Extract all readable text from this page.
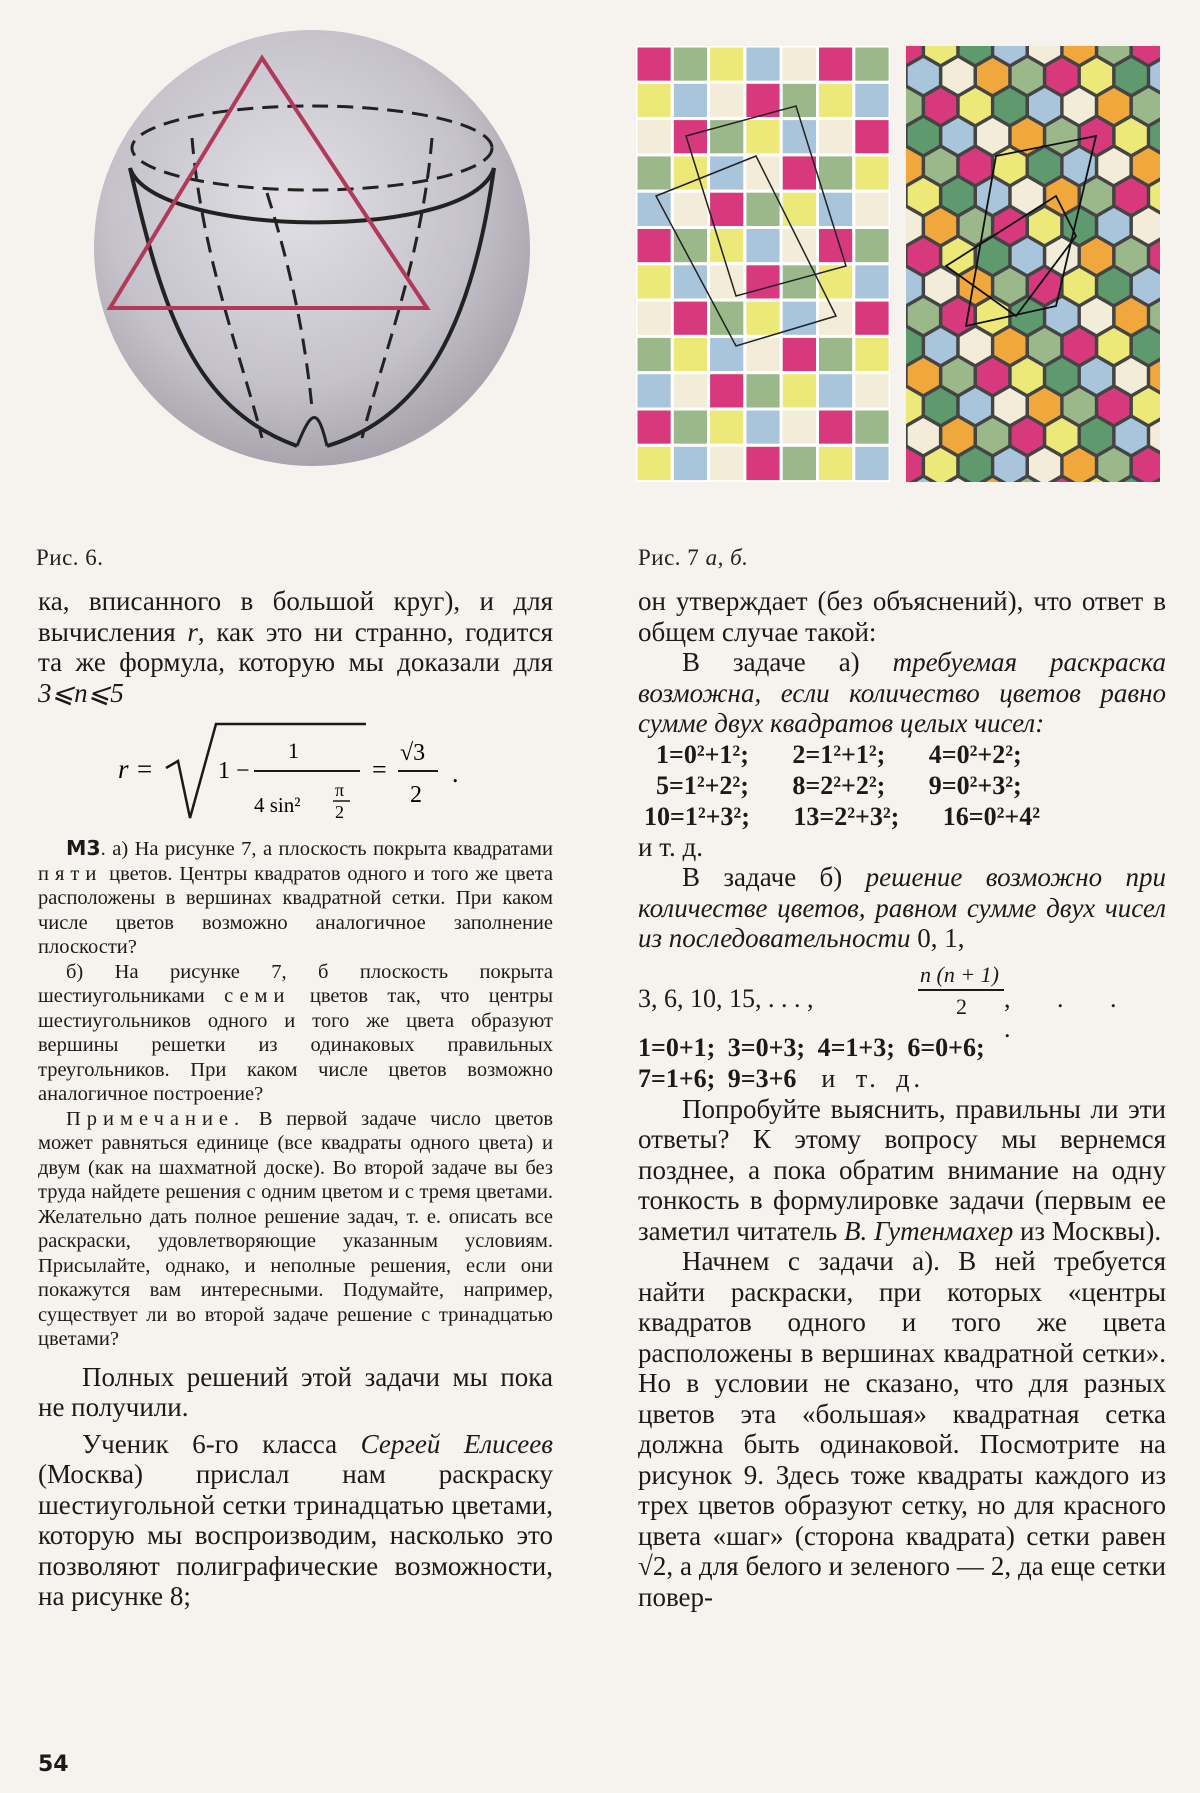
Рис. 6.	Рис. 7 а, б.

ка, вписанного в большой круг), и для вычисления r, как это ни странно, годится та же формула, которую мы доказали для 3⩽n⩽5

r =	1 −
1
4 sin²
π
2
=
√3
2
.

М3. а) На рисунке 7, а плоскость покрыта квадратами пяти цветов. Центры квадратов одного и того же цвета расположены в вершинах квадратной сетки. При каком числе цветов возможно аналогичное заполнение плоскости?

б) На рисунке 7, б плоскость покрыта шестиугольниками семи цветов так, что центры шестиугольников одного и того же цвета образуют вершины решетки из одинаковых правильных треугольников. При каком числе цветов возможно аналогичное построение?

Примечание. В первой задаче число цветов может равняться единице (все квадраты одного цвета) и двум (как на шахматной доске). Во второй задаче вы без труда найдете решения с одним цветом и с тремя цветами. Желательно дать полное решение задач, т. е. описать все раскраски, удовлетворяющие указанным условиям. Присылайте, однако, и неполные решения, если они покажутся вам интересными. Подумайте, например, существует ли во второй задаче решение с тринадцатью цветами?

Полных решений этой задачи мы пока не получили.

Ученик 6-го класса Сергей Елисеев (Москва) прислал нам раскраску шестиугольной сетки тринадцатью цветами, которую мы воспроизводим, насколько это позволяют полиграфические возможности, на рисунке 8;

54

он утверждает (без объяснений), что ответ в общем случае такой:

В задаче а) требуемая раскраска возможна, если количество цветов равно сумме двух квадратов целых чисел:

1=0²+1²; 2=1²+1²; 4=0²+2²;
5=1²+2²; 8=2²+2²; 9=0²+3²;
10=1²+3²; 13=2²+3²; 16=0²+4²

и т. д.

В задаче б) решение возможно при количестве цветов, равном сумме двух чисел из последовательности 0, 1,

3, 6, 10, 15, . . . ,
n (n + 1)
2 , . . .
1=0+1; 3=0+3; 4=1+3; 6=0+6;
7=1+6; 9=3+6 и т. д.

Попробуйте выяснить, правильны ли эти ответы? К этому вопросу мы вернемся позднее, а пока обратим внимание на одну тонкость в формулировке задачи (первым ее заметил читатель В. Гутенмахер из Москвы).

Начнем с задачи а). В ней требуется найти раскраски, при которых «центры квадратов одного и того же цвета расположены в вершинах квадратной сетки». Но в условии не сказано, что для разных цветов эта «большая» квадратная сетка должна быть одинаковой. Посмотрите на рисунок 9. Здесь тоже квадраты каждого из трех цветов образуют сетку, но для красного цвета «шаг» (сторона квадрата) сетки равен √2, а для белого и зеленого — 2, да еще сетки повер-
